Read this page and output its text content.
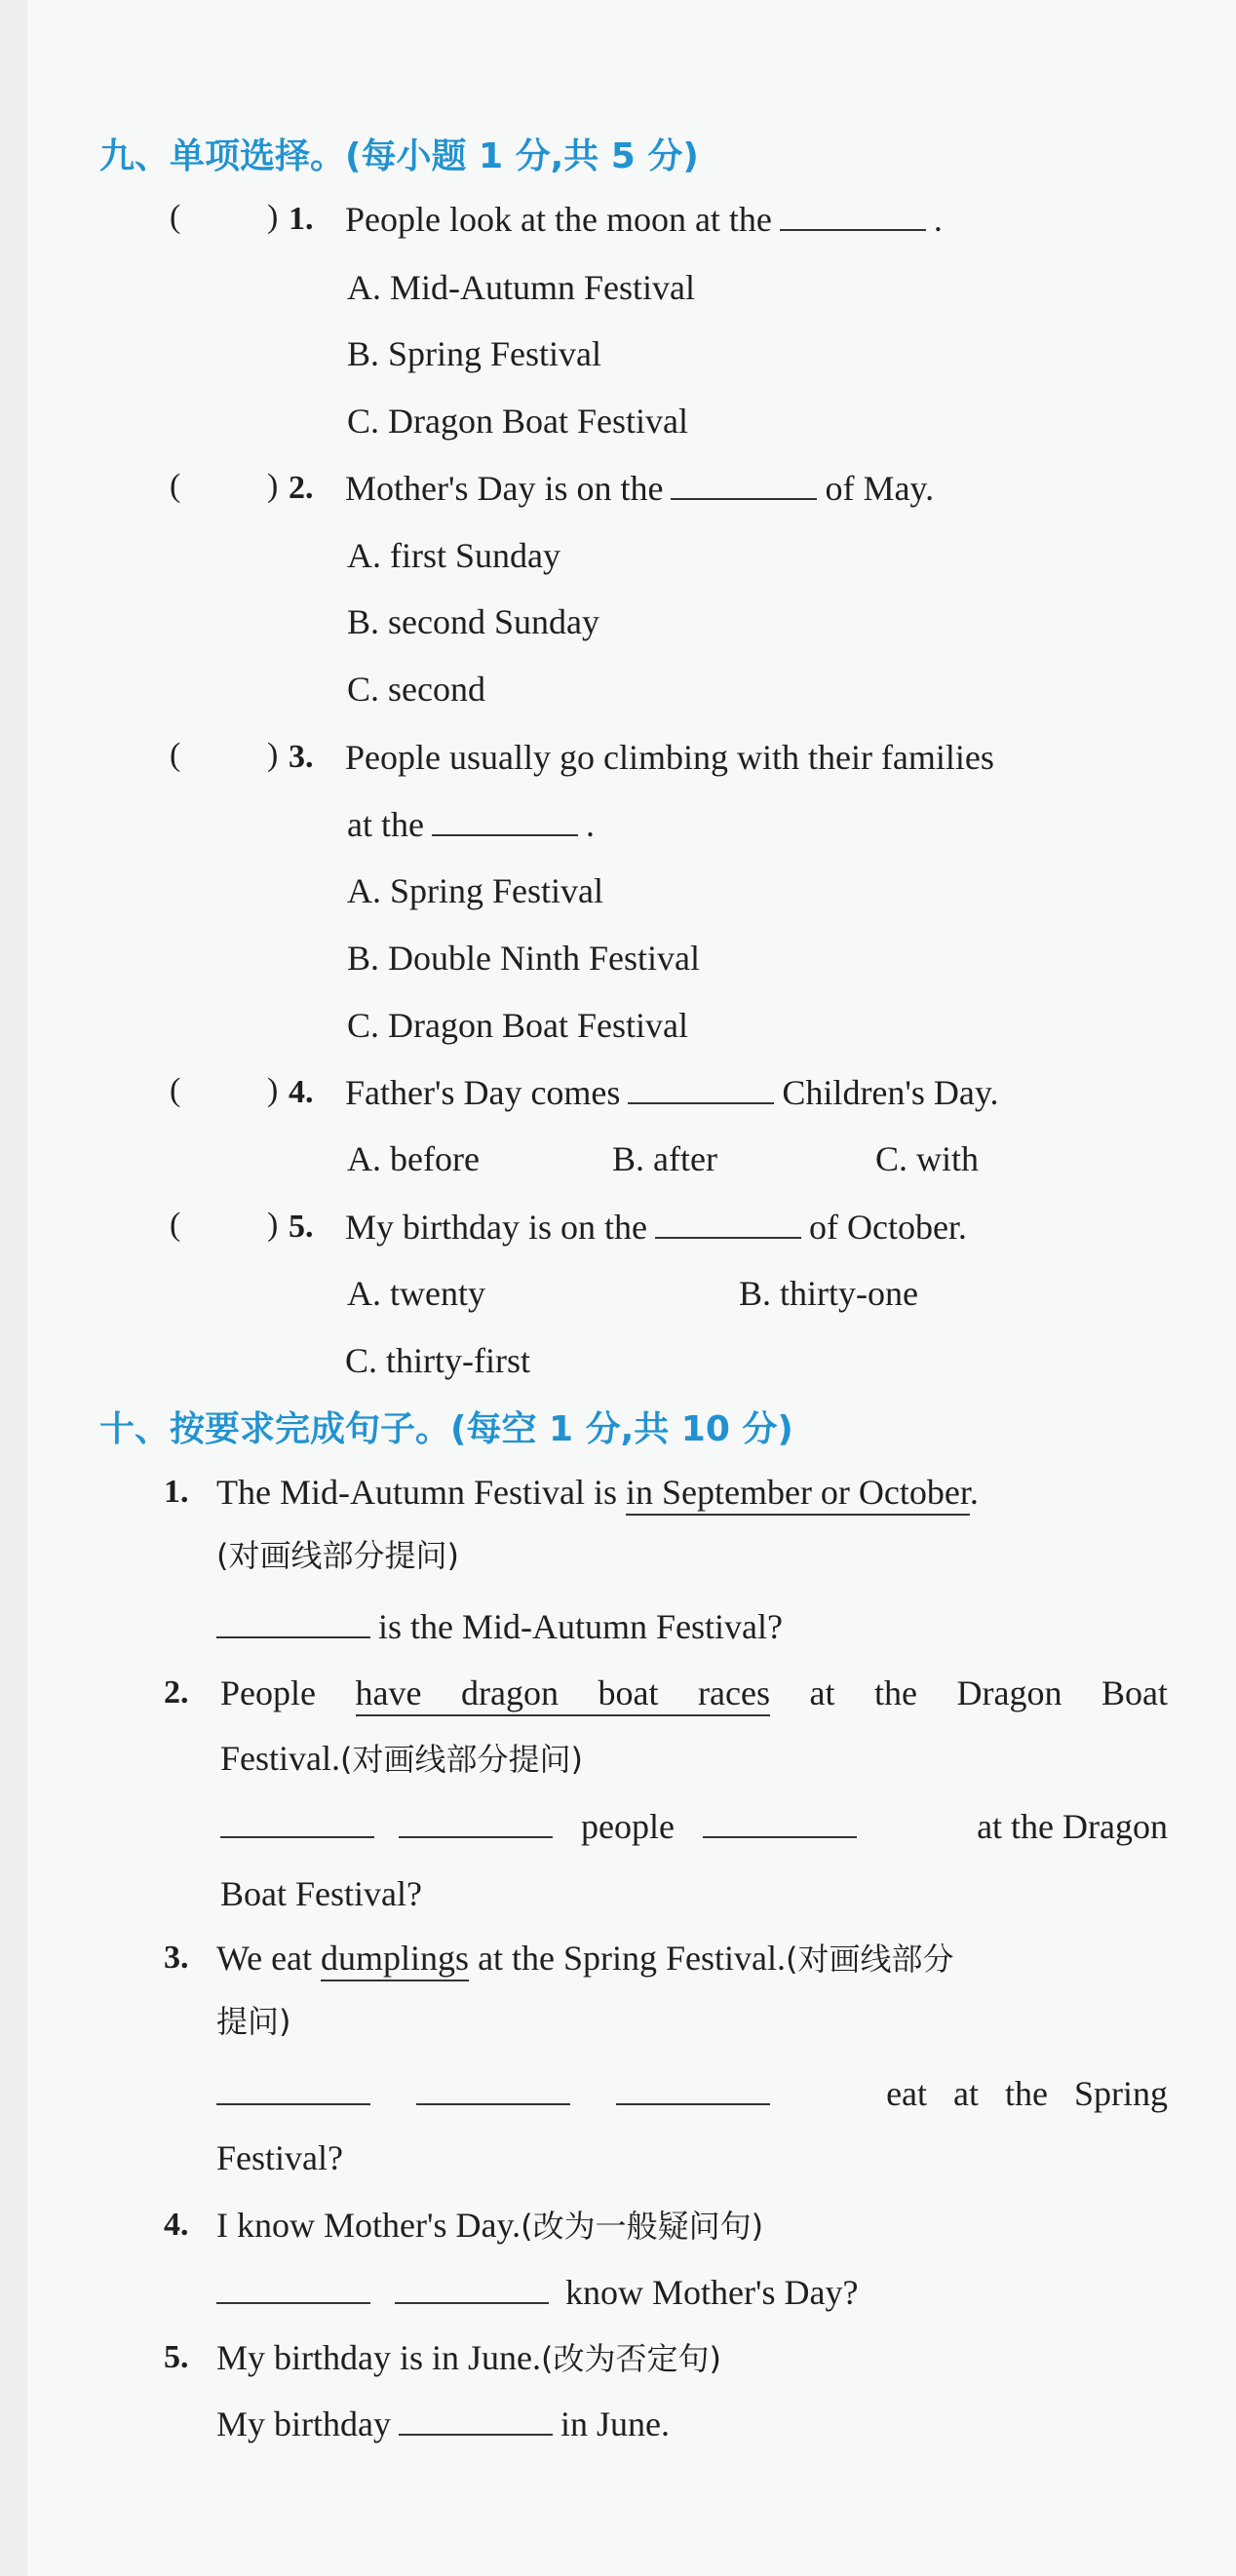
九、单项选择。(每小题 1 分,共 5 分)
(	) 1. People look at the moon at the	.
A. Mid-Autumn Festival
B. Spring Festival
C. Dragon Boat Festival
(	) 2. Mother's Day is on the	of May.
A. first Sunday
B. second Sunday
C. second
(	) 3. People usually go climbing with their families
at the	.
A. Spring Festival
B. Double Ninth Festival
C. Dragon Boat Festival
(	) 4. Father's Day comes	Children's Day.
A. before	B. after	C. with
(	) 5. My birthday is on the	of October.
A. twenty	B. thirty-one
C. thirty-first
十、按要求完成句子。(每空 1 分,共 10 分)
1. The Mid-Autumn Festival is in September or October.
(对画线部分提问)
is the Mid-Autumn Festival?
2. People have dragon boat races at the Dragon Boat
Festival.(对画线部分提问)
people	at the Dragon
Boat Festival?
3. We eat dumplings at the Spring Festival.(对画线部分
提问)

eat at the Spring
Festival?
4. I know Mother's Day.(改为一般疑问句)
know Mother's Day?
5. My birthday is in June.(改为否定句)
My birthday	in June.
